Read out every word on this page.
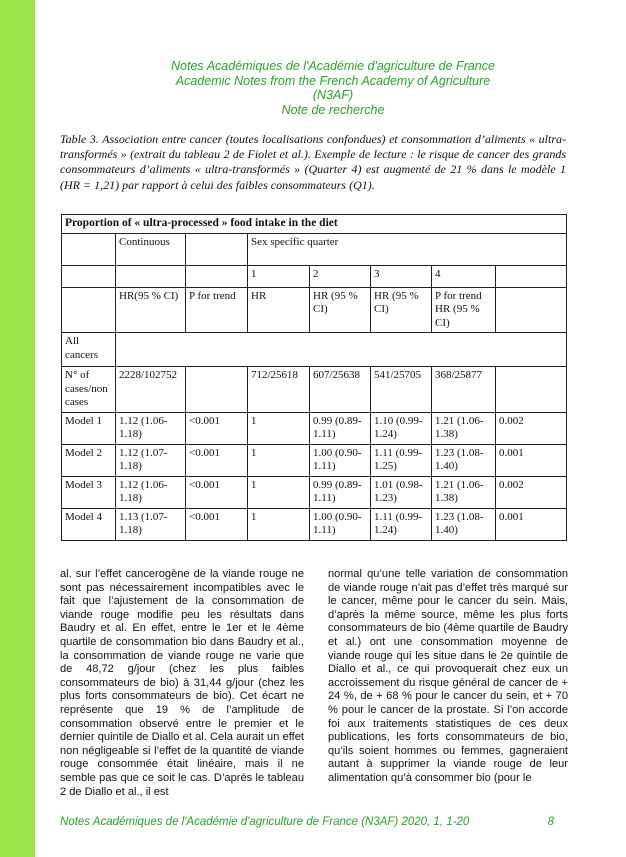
Notes Académiques de l'Académie d'agriculture de France
Academic Notes from the French Academy of Agriculture
(N3AF)
Note de recherche
Table 3. Association entre cancer (toutes localisations confondues) et consommation d’aliments « ultra-transformés » (extrait du tableau 2 de Fiolet et al.). Exemple de lecture : le risque de cancer des grands consommateurs d’aliments « ultra-transformés » (Quarter 4) est augmenté de 21 % dans le modèle 1 (HR = 1,21) par rapport à celui des faibles consommateurs (Q1).
Proportion of « ultra-processed » food intake in the diet							
	Continuous		Sex specific quarter				
			1	2	3	4	
	HR(95 % CI)	P for trend	HR	HR (95 % CI)	HR (95 % CI)	P for trend HR (95 % CI)	
All cancers							
N° of cases/non cases	2228/102752		712/25618	607/25638	541/25705	368/25877	
Model 1	1.12 (1.06-1.18)	<0.001	1	0.99 (0.89-1.11)	1.10 (0.99-1.24)	1.21 (1.06-1.38)	0.002
Model 2	1.12 (1.07-1.18)	<0.001	1	1.00 (0.90-1.11)	1.11 (0.99-1.25)	1.23 (1.08-1.40)	0.001
Model 3	1.12 (1.06-1.18)	<0.001	1	0.99 (0.89-1.11)	1.01 (0.98-1.23)	1.21 (1.06-1.38)	0.002
Model 4	1.13 (1.07-1.18)	<0.001	1	1.00 (0.90-1.11)	1.11 (0.99-1.24)	1.23 (1.08-1.40)	0.001

al. sur l’effet cancerogène de la viande rouge ne sont pas nécessairement incompatibles avec le fait que l’ajustement de la consommation de viande rouge modifie peu les résultats dans Baudry et al. En effet, entre le 1er et le 4ème quartile de consommation bio dans Baudry et al., la consommation de viande rouge ne varie que de 48,72 g/jour (chez les plus faibles consommateurs de bio) à 31,44 g/jour (chez les plus forts consommateurs de bio). Cet écart ne représente que 19 % de l’amplitude de consommation observé entre le premier et le dernier quintile de Diallo et al. Cela aurait un effet non négligeable si l’effet de la quantité de viande rouge consommée était linéaire, mais il ne semble pas que ce soit le cas. D’après le tableau 2 de Diallo et al., il est

normal qu’une telle variation de consommation de viande rouge n’ait pas d’effet très marqué sur le cancer, même pour le cancer du sein. Mais, d’après la même source, même les plus forts consommateurs de bio (4ème quartile de Baudry et al.) ont une consommation moyenne de viande rouge qui les situe dans le 2e quintile de Diallo et al., ce qui provoquerait chez eux un accroissement du risque général de cancer de + 24 %, de + 68 % pour le cancer du sein, et + 70 % pour le cancer de la prostate. Si l’on accorde foi aux traitements statistiques de ces deux publications, les forts consommateurs de bio, qu’ils soient hommes ou femmes, gagneraient autant à supprimer la viande rouge de leur alimentation qu’à consommer bio (pour le

Notes Académiques de l'Académie d'agriculture de France (N3AF) 2020, 1, 1-20	8
